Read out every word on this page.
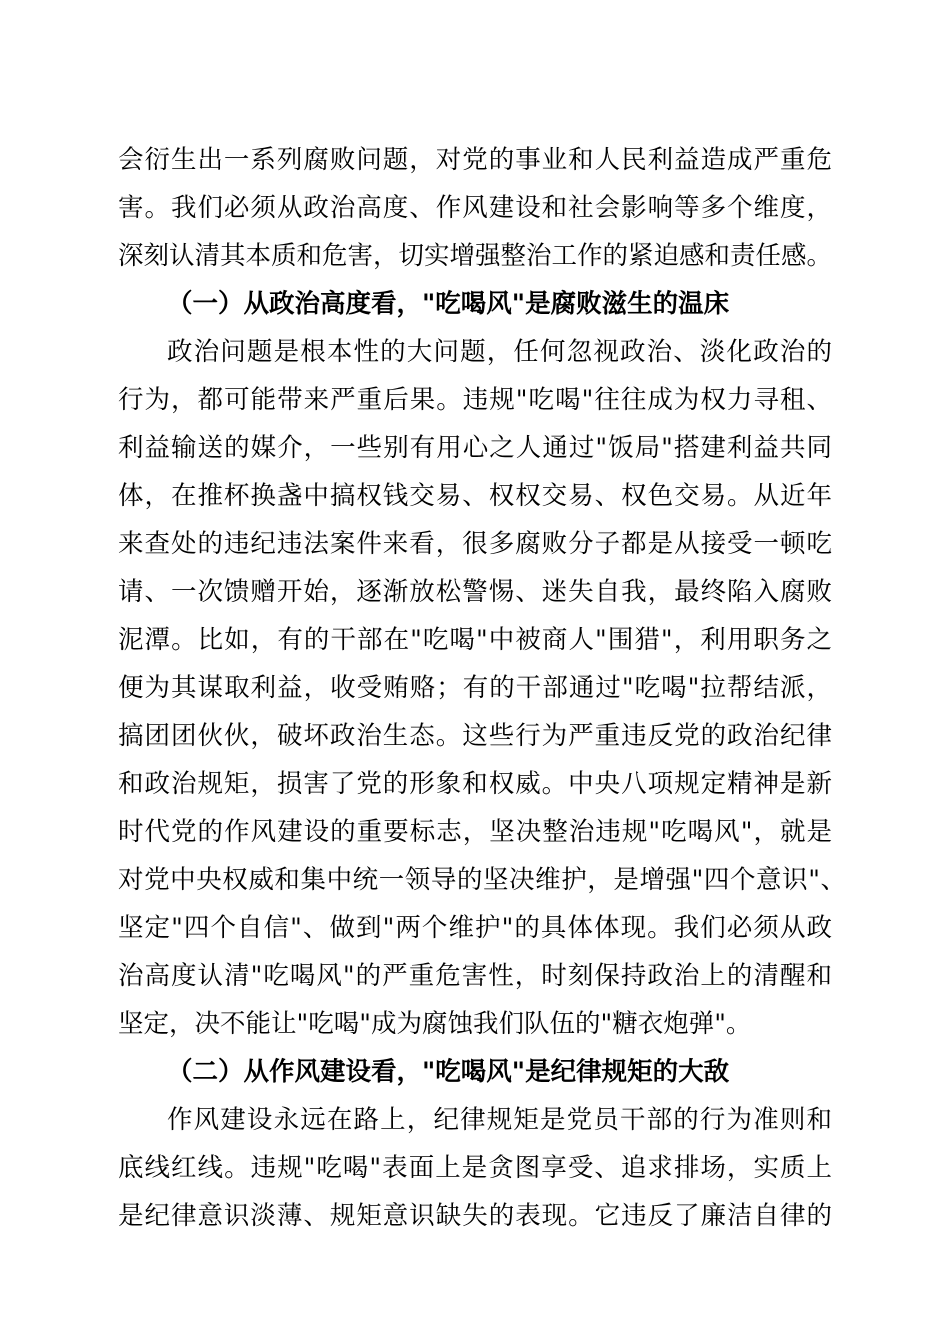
会衍生出一系列腐败问题，对党的事业和人民利益造成严重危
害。我们必须从政治高度、作风建设和社会影响等多个维度，
深刻认清其本质和危害，切实增强整治工作的紧迫感和责任感。
（一）从政治高度看，"吃喝风"是腐败滋生的温床
政治问题是根本性的大问题，任何忽视政治、淡化政治的
行为，都可能带来严重后果。违规"吃喝"往往成为权力寻租、
利益输送的媒介，一些别有用心之人通过"饭局"搭建利益共同
体，在推杯换盏中搞权钱交易、权权交易、权色交易。从近年
来查处的违纪违法案件来看，很多腐败分子都是从接受一顿吃
请、一次馈赠开始，逐渐放松警惕、迷失自我，最终陷入腐败
泥潭。比如，有的干部在"吃喝"中被商人"围猎"，利用职务之
便为其谋取利益，收受贿赂；有的干部通过"吃喝"拉帮结派，
搞团团伙伙，破坏政治生态。这些行为严重违反党的政治纪律
和政治规矩，损害了党的形象和权威。中央八项规定精神是新
时代党的作风建设的重要标志，坚决整治违规"吃喝风"，就是
对党中央权威和集中统一领导的坚决维护，是增强"四个意识"、
坚定"四个自信"、做到"两个维护"的具体体现。我们必须从政
治高度认清"吃喝风"的严重危害性，时刻保持政治上的清醒和
坚定，决不能让"吃喝"成为腐蚀我们队伍的"糖衣炮弹"。
（二）从作风建设看，"吃喝风"是纪律规矩的大敌
作风建设永远在路上，纪律规矩是党员干部的行为准则和
底线红线。违规"吃喝"表面上是贪图享受、追求排场，实质上
是纪律意识淡薄、规矩意识缺失的表现。它违反了廉洁自律的
